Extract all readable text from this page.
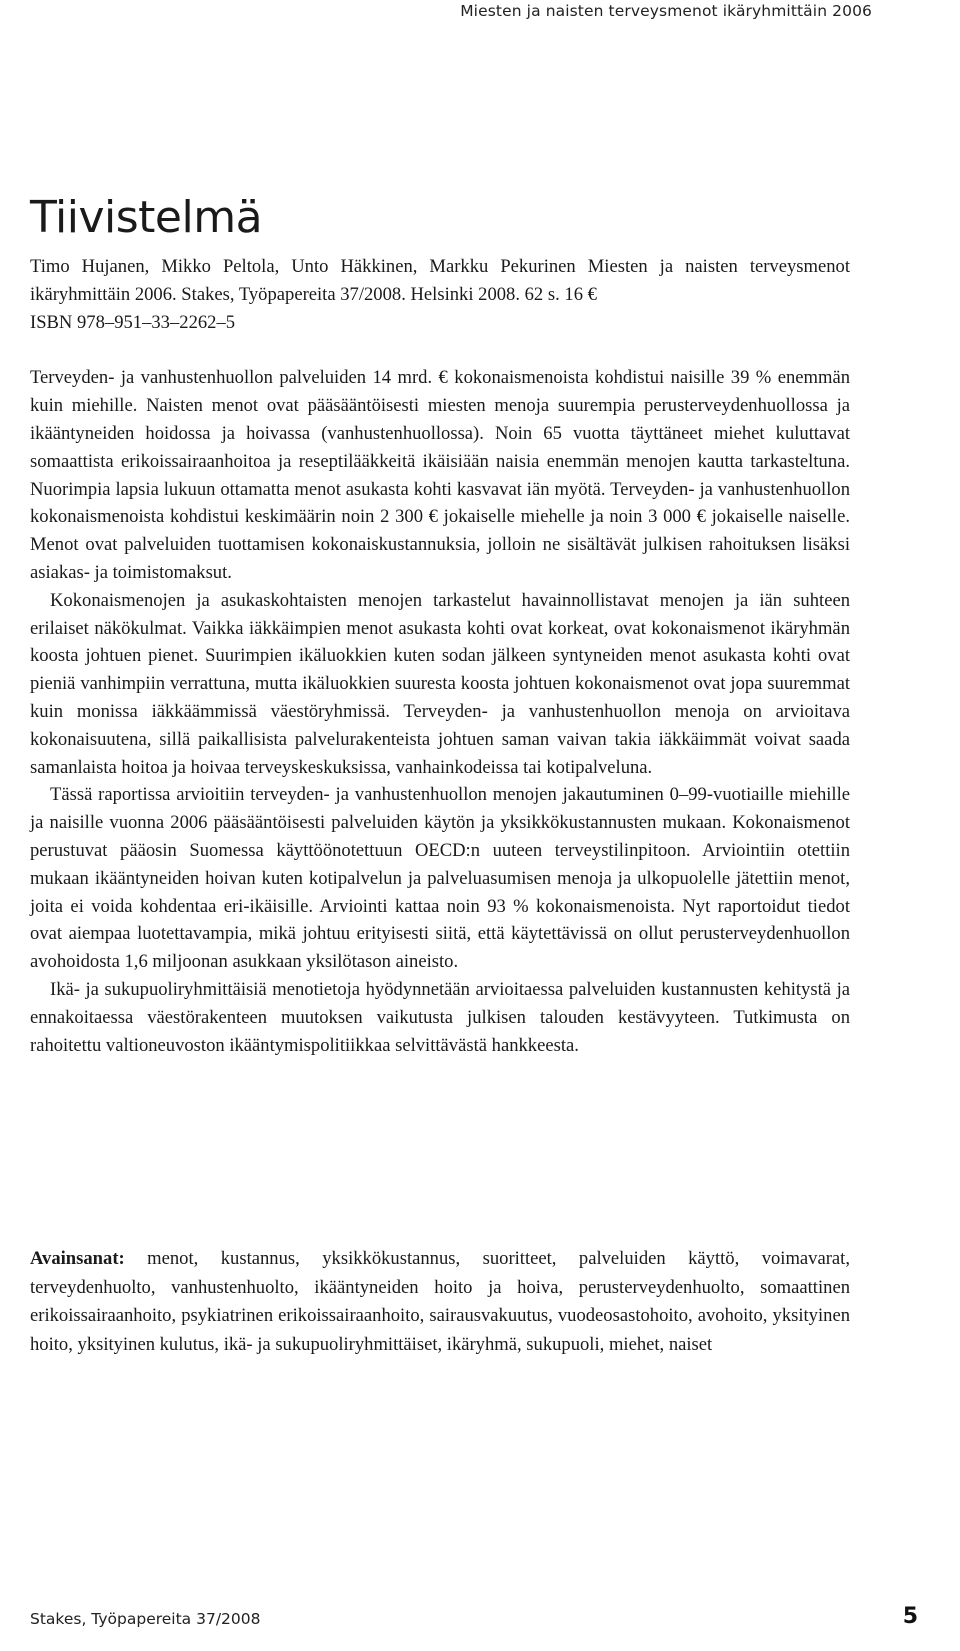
Miesten ja naisten terveysmenot ikäryhmittäin 2006
Tiivistelmä

Timo Hujanen, Mikko Peltola, Unto Häkkinen, Markku Pekurinen Miesten ja naisten terveysmenot ikäryhmittäin 2006. Stakes, Työpapereita 37/2008. Helsinki 2008. 62 s. 16 €

ISBN 978–951–33–2262–5

Terveyden- ja vanhustenhuollon palveluiden 14 mrd. € kokonaismenoista kohdistui naisille 39 % enemmän kuin miehille. Naisten menot ovat pääsääntöisesti miesten menoja suurempia perusterveydenhuollossa ja ikääntyneiden hoidossa ja hoivassa (vanhustenhuollossa). Noin 65 vuotta täyttäneet miehet kuluttavat somaattista erikoissairaanhoitoa ja reseptilääkkeitä ikäisiään naisia enemmän menojen kautta tarkasteltuna. Nuorimpia lapsia lukuun ottamatta menot asukasta kohti kasvavat iän myötä. Terveyden- ja vanhustenhuollon kokonaismenoista kohdistui keskimäärin noin 2 300 € jokaiselle miehelle ja noin 3 000 € jokaiselle naiselle. Menot ovat palveluiden tuottamisen kokonaiskustannuksia, jolloin ne sisältävät julkisen rahoituksen lisäksi asiakas- ja toimistomaksut.

Kokonaismenojen ja asukaskohtaisten menojen tarkastelut havainnollistavat menojen ja iän suhteen erilaiset näkökulmat. Vaikka iäkkäimpien menot asukasta kohti ovat korkeat, ovat kokonaismenot ikäryhmän koosta johtuen pienet. Suurimpien ikäluokkien kuten sodan jälkeen syntyneiden menot asukasta kohti ovat pieniä vanhimpiin verrattuna, mutta ikäluokkien suuresta koosta johtuen kokonaismenot ovat jopa suuremmat kuin monissa iäkkäämmissä väestöryhmissä. Terveyden- ja vanhustenhuollon menoja on arvioitava kokonaisuutena, sillä paikallisista palvelurakenteista johtuen saman vaivan takia iäkkäimmät voivat saada samanlaista hoitoa ja hoivaa terveyskeskuksissa, vanhainkodeissa tai kotipalveluna.

Tässä raportissa arvioitiin terveyden- ja vanhustenhuollon menojen jakautuminen 0–99-vuotiaille miehille ja naisille vuonna 2006 pääsääntöisesti palveluiden käytön ja yksikkökustannusten mukaan. Kokonaismenot perustuvat pääosin Suomessa käyttöönotettuun OECD:n uuteen terveystilinpitoon. Arviointiin otettiin mukaan ikääntyneiden hoivan kuten kotipalvelun ja palveluasumisen menoja ja ulkopuolelle jätettiin menot, joita ei voida kohdentaa eri-ikäisille. Arviointi kattaa noin 93 % kokonaismenoista. Nyt raportoidut tiedot ovat aiempaa luotettavampia, mikä johtuu erityisesti siitä, että käytettävissä on ollut perusterveydenhuollon avohoidosta 1,6 miljoonan asukkaan yksilötason aineisto.

Ikä- ja sukupuoliryhmittäisiä menotietoja hyödynnetään arvioitaessa palveluiden kustannusten kehitystä ja ennakoitaessa väestörakenteen muutoksen vaikutusta julkisen talouden kestävyyteen. Tutkimusta on rahoitettu valtioneuvoston ikääntymispolitiikkaa selvittävästä hankkeesta.

Avainsanat: menot, kustannus, yksikkökustannus, suoritteet, palveluiden käyttö, voimavarat, terveydenhuolto, vanhustenhuolto, ikääntyneiden hoito ja hoiva, perusterveydenhuolto, somaattinen erikoissairaanhoito, psykiatrinen erikoissairaanhoito, sairausvakuutus, vuodeosastohoito, avohoito, yksityinen hoito, yksityinen kulutus, ikä- ja sukupuoliryhmittäiset, ikäryhmä, sukupuoli, miehet, naiset

Stakes, Työpapereita 37/2008	5
